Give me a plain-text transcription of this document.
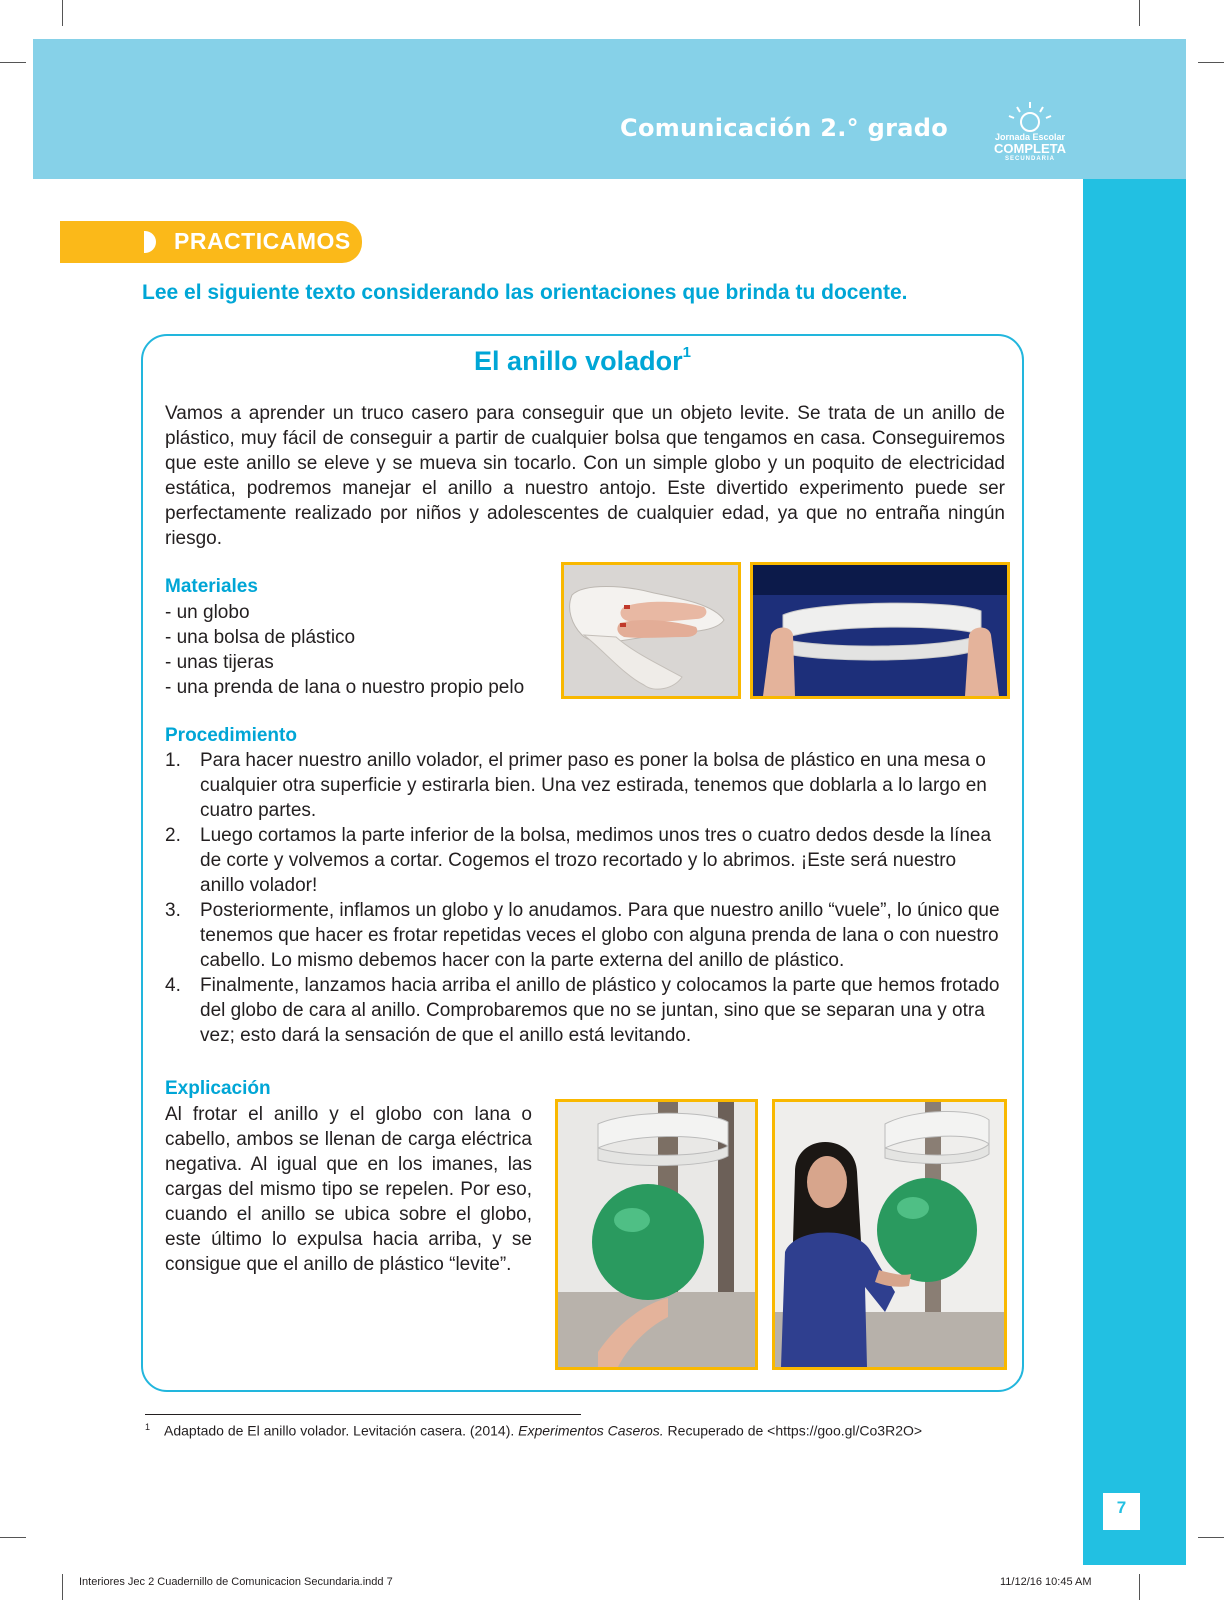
Comunicación 2.° grado	Jornada Escolar
COMPLETA
SECUNDARIA
PRACTICAMOS
Lee el siguiente texto considerando las orientaciones que brinda tu docente.
El anillo volador$^1$
Vamos a aprender un truco casero para conseguir que un objeto levite. Se trata de un anillo de plástico, muy fácil de conseguir a partir de cualquier bolsa que tengamos en casa. Conseguiremos que este anillo se eleve y se mueva sin tocarlo. Con un simple globo y un poquito de electricidad estática, podremos manejar el anillo a nuestro antojo. Este divertido experimento puede ser perfectamente realizado por niños y adolescentes de cualquier edad, ya que no entraña ningún riesgo.
Materiales
- un globo
- una bolsa de plástico
- unas tijeras
- una prenda de lana o nuestro propio pelo
Procedimiento
1. Para hacer nuestro anillo volador, el primer paso es poner la bolsa de plástico en una mesa o cualquier otra superficie y estirarla bien. Una vez estirada, tenemos que doblarla a lo largo en cuatro partes.
2. Luego cortamos la parte inferior de la bolsa, medimos unos tres o cuatro dedos desde la línea de corte y volvemos a cortar. Cogemos el trozo recortado y lo abrimos. ¡Este será nuestro anillo volador!
3. Posteriormente, inflamos un globo y lo anudamos. Para que nuestro anillo “vuele”, lo único que tenemos que hacer es frotar repetidas veces el globo con alguna prenda de lana o con nuestro cabello. Lo mismo debemos hacer con la parte externa del anillo de plástico.
4. Finalmente, lanzamos hacia arriba el anillo de plástico y colocamos la parte que hemos frotado del globo de cara al anillo. Comprobaremos que no se juntan, sino que se separan una y otra vez; esto dará la sensación de que el anillo está levitando.
Explicación
Al frotar el anillo y el globo con lana o cabello, ambos se llenan de carga eléctrica negativa. Al igual que en los imanes, las cargas del mismo tipo se repelen. Por eso, cuando el anillo se ubica sobre el globo, este último lo expulsa hacia arriba, y se consigue que el anillo de plástico “levite”.
$^1$ Adaptado de El anillo volador. Levitación casera. (2014). Experimentos Caseros. Recuperado de <https://goo.gl/Co3R2O>
7
Interiores Jec 2 Cuadernillo de Comunicacion Secundaria.indd 7	11/12/16 10:45 AM
